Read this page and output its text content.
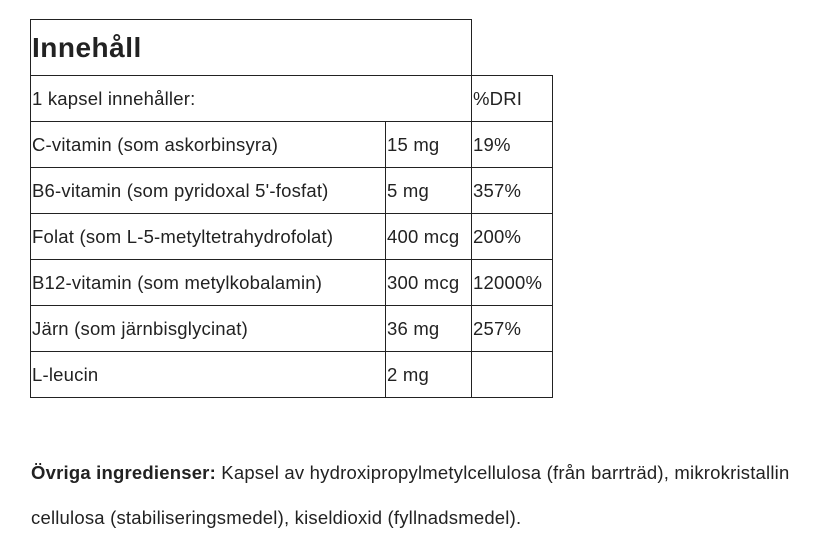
Innehåll		
1 kapsel innehåller:		%DRI
C-vitamin (som askorbinsyra)	15 mg	19%
B6-vitamin (som pyridoxal 5'-fosfat)	5 mg	357%
Folat (som L-5-metyltetrahydrofolat)	400 mcg	200%
B12-vitamin (som metylkobalamin)	300 mcg	12000%
Järn (som järnbisglycinat)	36 mg	257%
L-leucin	2 mg	

Övriga ingredienser: Kapsel av hydroxipropylmetylcellulosa (från barrträd), mikrokristallin cellulosa (stabiliseringsmedel), kiseldioxid (fyllnadsmedel).
